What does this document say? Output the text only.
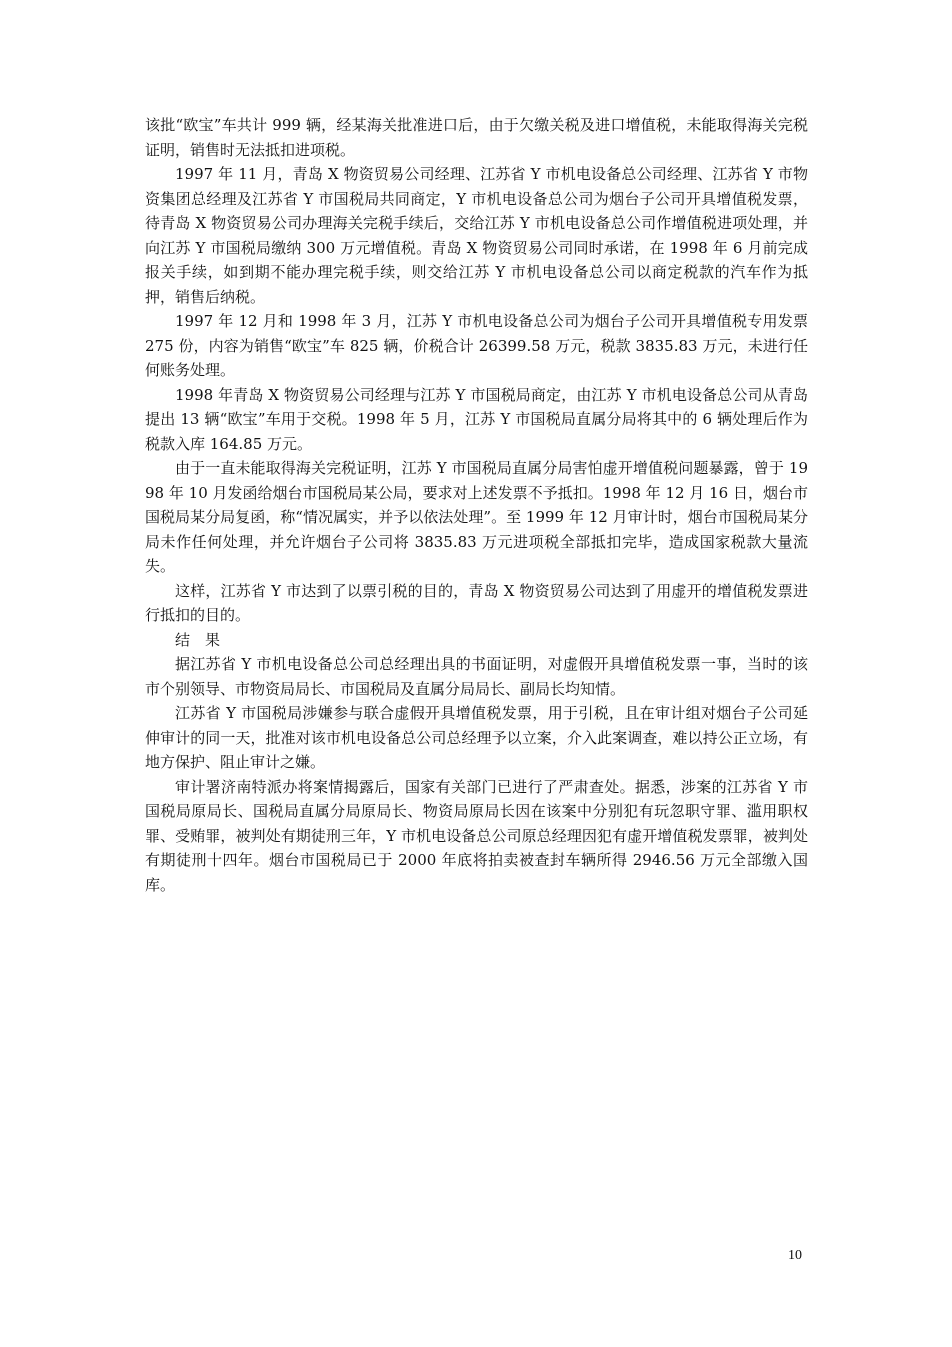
该批“欧宝”车共计 999 辆，经某海关批准进口后，由于欠缴关税及进口增值税，未能取得海关完税证明，销售时无法抵扣进项税。

1997 年 11 月，青岛 X 物资贸易公司经理、江苏省 Y 市机电设备总公司经理、江苏省 Y 市物资集团总经理及江苏省 Y 市国税局共同商定，Y 市机电设备总公司为烟台子公司开具增值税发票，待青岛 X 物资贸易公司办理海关完税手续后，交给江苏 Y 市机电设备总公司作增值税进项处理，并向江苏 Y 市国税局缴纳 300 万元增值税。青岛 X 物资贸易公司同时承诺，在 1998 年 6 月前完成报关手续，如到期不能办理完税手续，则交给江苏 Y 市机电设备总公司以商定税款的汽车作为抵押，销售后纳税。

1997 年 12 月和 1998 年 3 月，江苏 Y 市机电设备总公司为烟台子公司开具增值税专用发票 275 份，内容为销售“欧宝”车 825 辆，价税合计 26399.58 万元，税款 3835.83 万元，未进行任何账务处理。

1998 年青岛 X 物资贸易公司经理与江苏 Y 市国税局商定，由江苏 Y 市机电设备总公司从青岛提出 13 辆“欧宝”车用于交税。1998 年 5 月，江苏 Y 市国税局直属分局将其中的 6 辆处理后作为税款入库 164.85 万元。

由于一直未能取得海关完税证明，江苏 Y 市国税局直属分局害怕虚开增值税问题暴露，曾于 1998 年 10 月发函给烟台市国税局某公局，要求对上述发票不予抵扣。1998 年 12 月 16 日，烟台市国税局某分局复函，称“情况属实，并予以依法处理”。至 1999 年 12 月审计时，烟台市国税局某分局未作任何处理，并允许烟台子公司将 3835.83 万元进项税全部抵扣完毕，造成国家税款大量流失。

这样，江苏省 Y 市达到了以票引税的目的，青岛 X 物资贸易公司达到了用虚开的增值税发票进行抵扣的目的。

结　果

据江苏省 Y 市机电设备总公司总经理出具的书面证明，对虚假开具增值税发票一事，当时的该市个别领导、市物资局局长、市国税局及直属分局局长、副局长均知情。

江苏省 Y 市国税局涉嫌参与联合虚假开具增值税发票，用于引税，且在审计组对烟台子公司延伸审计的同一天，批准对该市机电设备总公司总经理予以立案，介入此案调查，难以持公正立场，有地方保护、阻止审计之嫌。

审计署济南特派办将案情揭露后，国家有关部门已进行了严肃查处。据悉，涉案的江苏省 Y 市国税局原局长、国税局直属分局原局长、物资局原局长因在该案中分别犯有玩忽职守罪、滥用职权罪、受贿罪，被判处有期徒刑三年，Y 市机电设备总公司原总经理因犯有虚开增值税发票罪，被判处有期徒刑十四年。烟台市国税局已于 2000 年底将拍卖被查封车辆所得 2946.56 万元全部缴入国库。

10
